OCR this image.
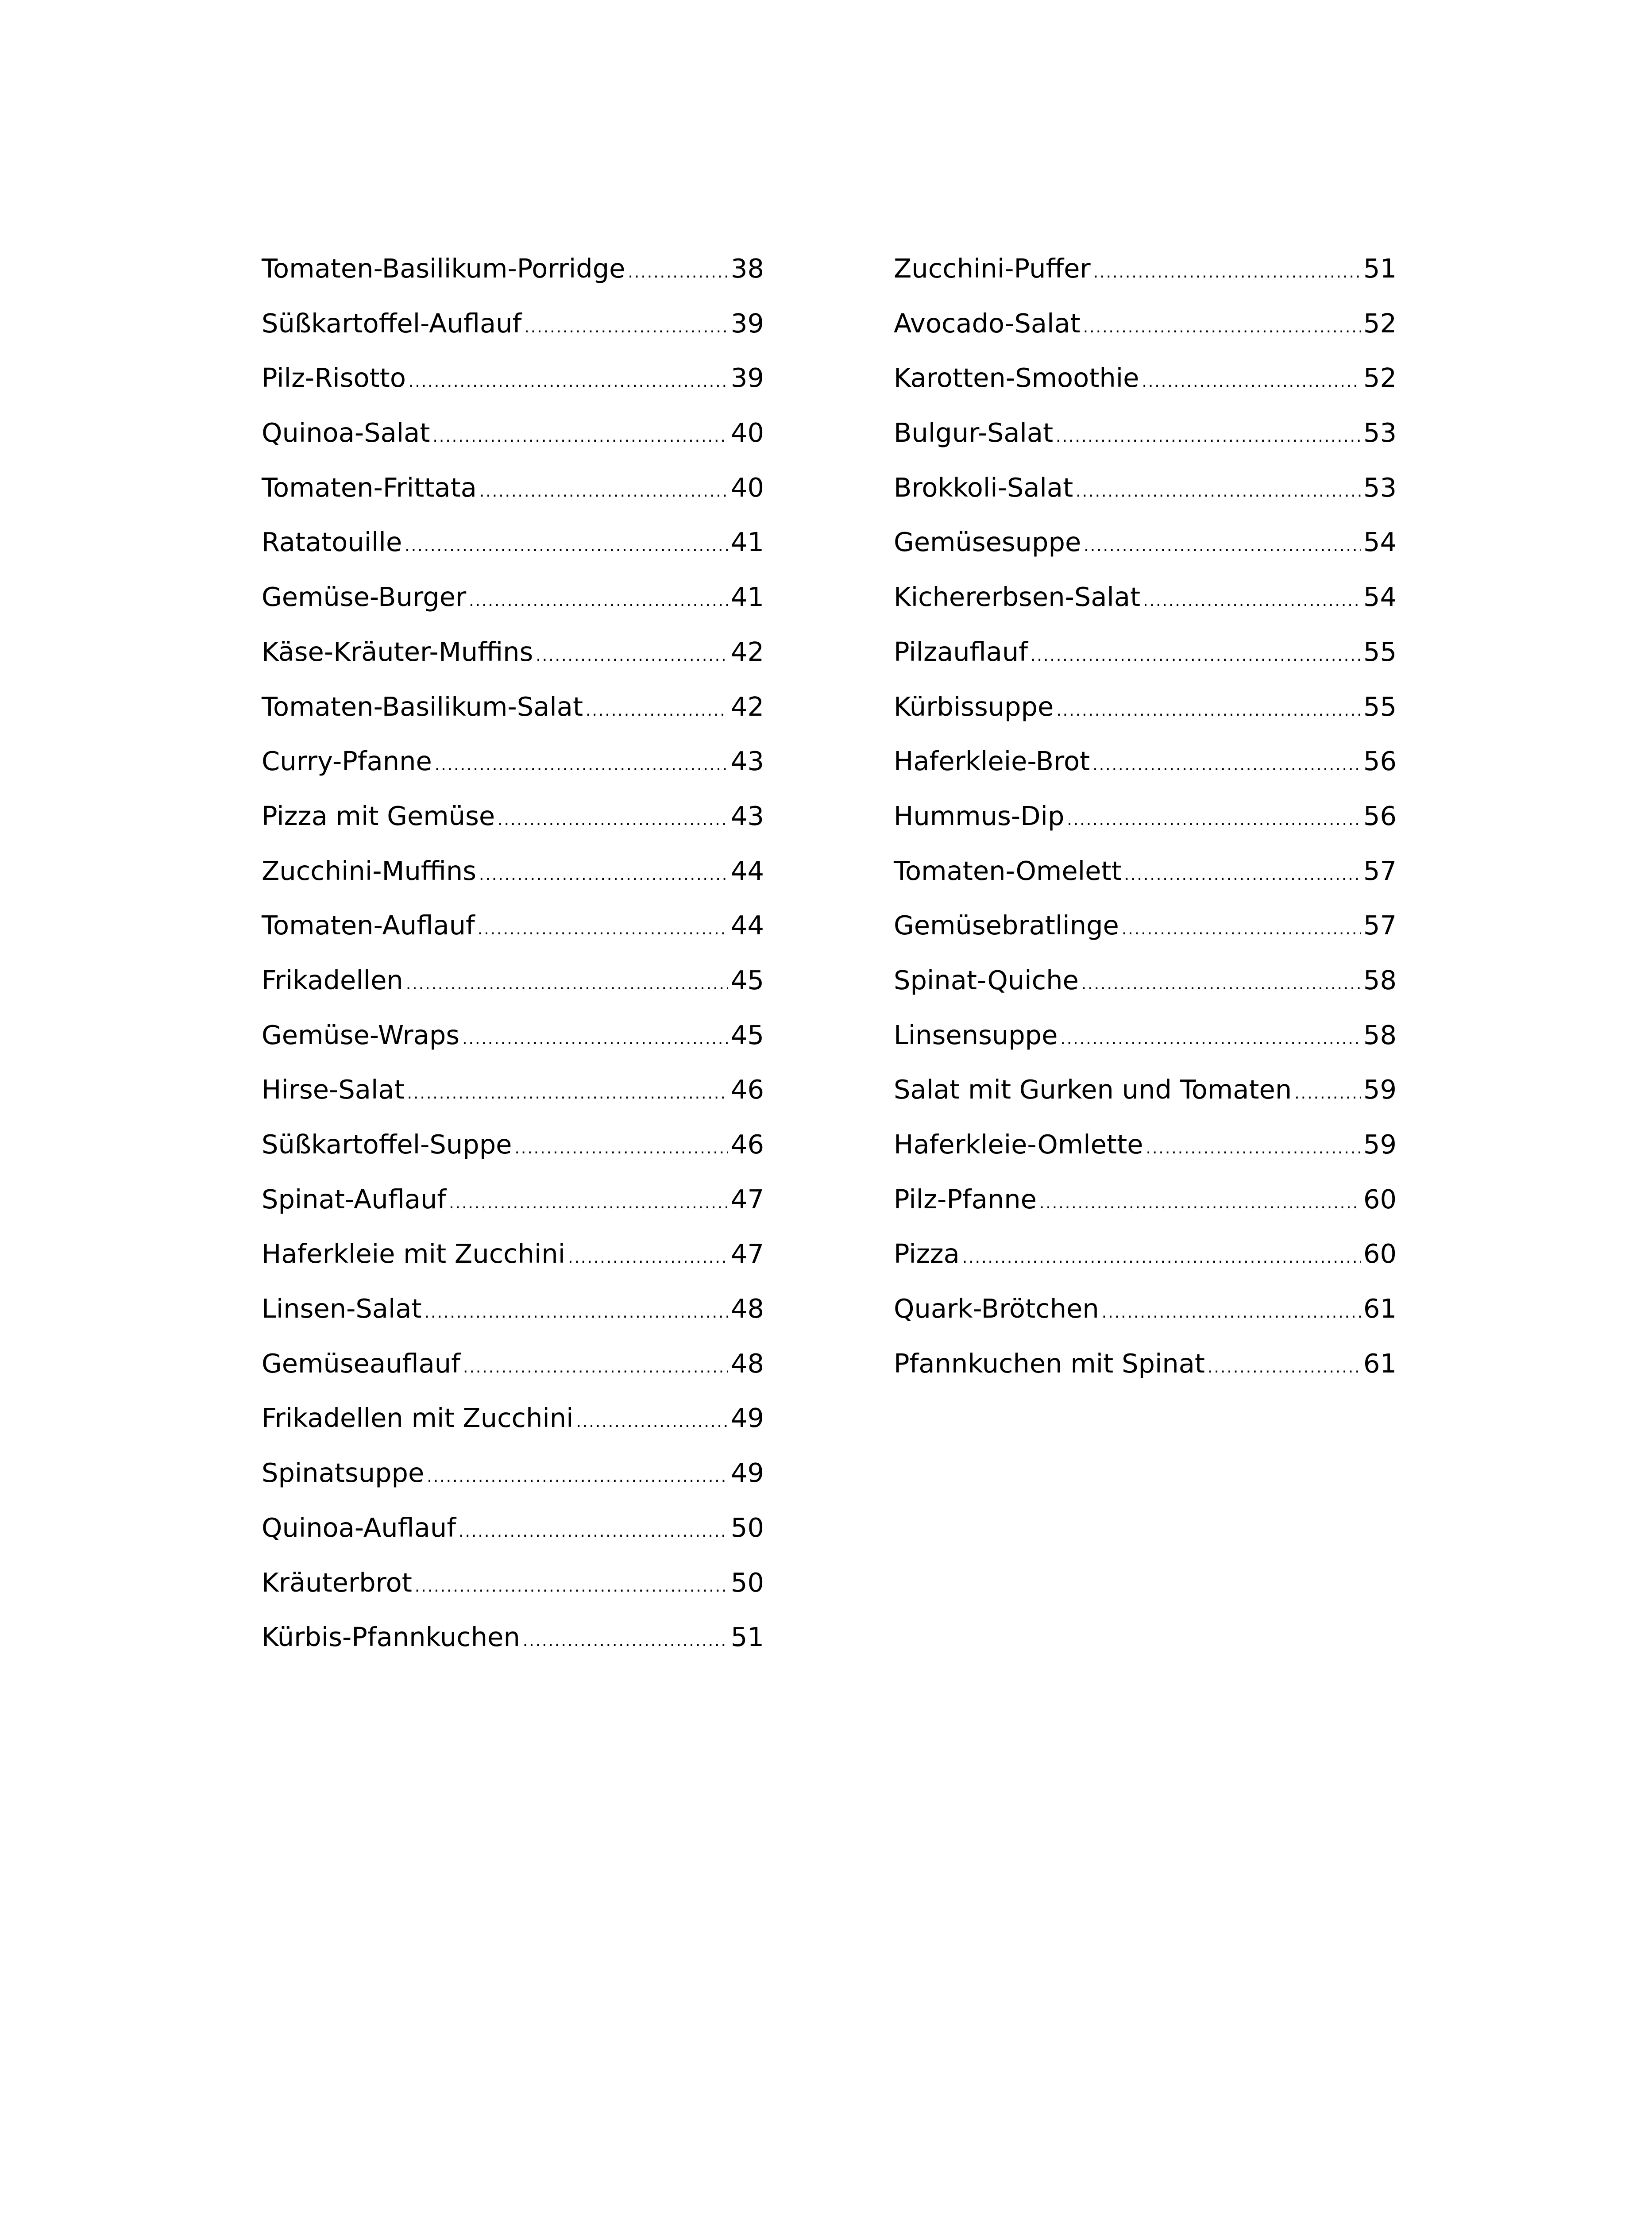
Tomaten-Basilikum-Porridge .....	38
Süßkartoffel-Auflauf .....	39
Pilz-Risotto .....	39
Quinoa-Salat .....	40
Tomaten-Frittata .....	40
Ratatouille .....	41
Gemüse-Burger .....	41
Käse-Kräuter-Muffins .....	42
Tomaten-Basilikum-Salat .....	42
Curry-Pfanne .....	43
Pizza mit Gemüse .....	43
Zucchini-Muffins .....	44
Tomaten-Auflauf .....	44
Frikadellen .....	45
Gemüse-Wraps .....	45
Hirse-Salat .....	46
Süßkartoffel-Suppe .....	46
Spinat-Auflauf .....	47
Haferkleie mit Zucchini .....	47
Linsen-Salat .....	48
Gemüseauflauf .....	48
Frikadellen mit Zucchini .....	49
Spinatsuppe .....	49
Quinoa-Auflauf .....	50
Kräuterbrot .....	50
Kürbis-Pfannkuchen .....	51
Zucchini-Puffer .....	51
Avocado-Salat .....	52
Karotten-Smoothie .....	52
Bulgur-Salat .....	53
Brokkoli-Salat .....	53
Gemüsesuppe .....	54
Kichererbsen-Salat .....	54
Pilzauflauf .....	55
Kürbissuppe .....	55
Haferkleie-Brot .....	56
Hummus-Dip .....	56
Tomaten-Omelett .....	57
Gemüsebratlinge .....	57
Spinat-Quiche .....	58
Linsensuppe .....	58
Salat mit Gurken und Tomaten .....	59
Haferkleie-Omlette .....	59
Pilz-Pfanne .....	60
Pizza .....	60
Quark-Brötchen .....	61
Pfannkuchen mit Spinat .....	61
